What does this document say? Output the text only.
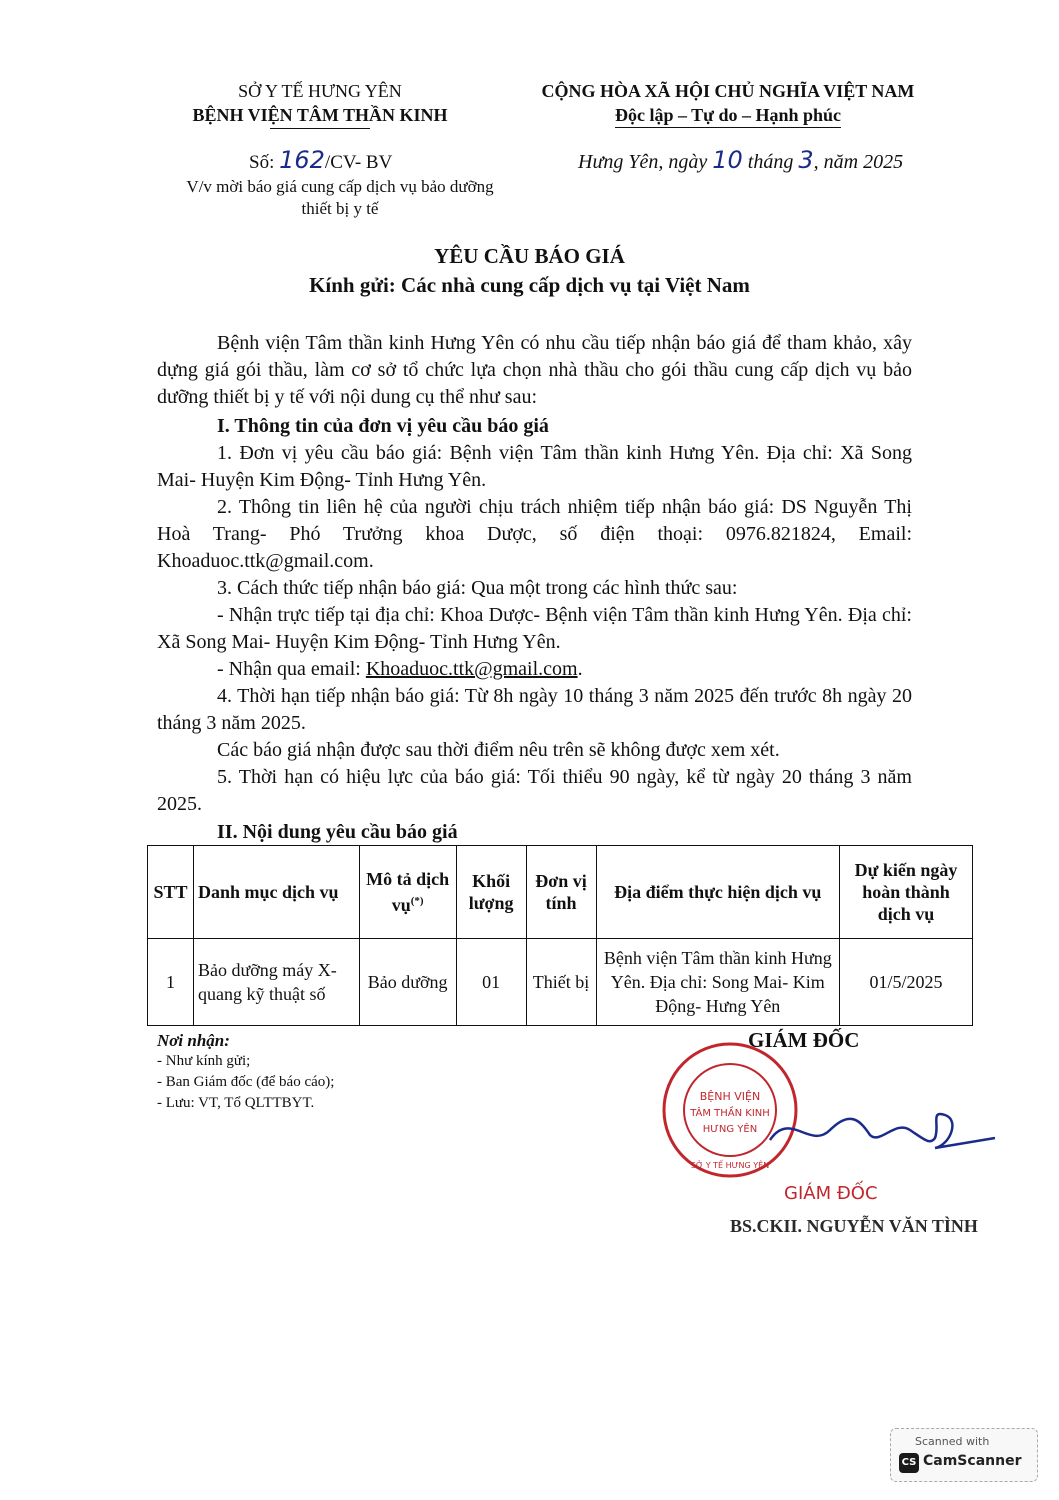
SỞ Y TẾ HƯNG YÊN
BỆNH VIỆN TÂM THẦN KINH
CỘNG HÒA XÃ HỘI CHỦ NGHĨA VIỆT NAM
Độc lập – Tự do – Hạnh phúc
Số: 162/CV- BV
V/v mời báo giá cung cấp dịch vụ bảo dưỡng
thiết bị y tế
Hưng Yên, ngày 10 tháng 3, năm 2025
YÊU CẦU BÁO GIÁ
Kính gửi: Các nhà cung cấp dịch vụ tại Việt Nam
Bệnh viện Tâm thần kinh Hưng Yên có nhu cầu tiếp nhận báo giá để tham khảo, xây dựng giá gói thầu, làm cơ sở tổ chức lựa chọn nhà thầu cho gói thầu cung cấp dịch vụ bảo dưỡng thiết bị y tế với nội dung cụ thể như sau:
I. Thông tin của đơn vị yêu cầu báo giá
1. Đơn vị yêu cầu báo giá: Bệnh viện Tâm thần kinh Hưng Yên. Địa chỉ: Xã Song Mai- Huyện Kim Động- Tỉnh Hưng Yên.
2. Thông tin liên hệ của người chịu trách nhiệm tiếp nhận báo giá: DS Nguyễn Thị Hoà Trang- Phó Trưởng khoa Dược, số điện thoại: 0976.821824, Email: Khoaduoc.ttk@gmail.com.
3. Cách thức tiếp nhận báo giá: Qua một trong các hình thức sau:
- Nhận trực tiếp tại địa chỉ: Khoa Dược- Bệnh viện Tâm thần kinh Hưng Yên. Địa chỉ: Xã Song Mai- Huyện Kim Động- Tỉnh Hưng Yên.
- Nhận qua email: Khoaduoc.ttk@gmail.com.
4. Thời hạn tiếp nhận báo giá: Từ 8h ngày 10 tháng 3 năm 2025 đến trước 8h ngày 20 tháng 3 năm 2025.
Các báo giá nhận được sau thời điểm nêu trên sẽ không được xem xét.
5. Thời hạn có hiệu lực của báo giá: Tối thiểu 90 ngày, kể từ ngày 20 tháng 3 năm 2025.
II. Nội dung yêu cầu báo giá
STT	Danh mục dịch vụ	Mô tả dịch vụ(*)	Khối lượng	Đơn vị tính	Địa điểm thực hiện dịch vụ	Dự kiến ngày hoàn thành dịch vụ
1	Bảo dưỡng máy X-quang kỹ thuật số	Bảo dưỡng	01	Thiết bị	Bệnh viện Tâm thần kinh Hưng Yên. Địa chỉ: Song Mai- Kim Động- Hưng Yên	01/5/2025
Nơi nhận:
- Như kính gửi;
- Ban Giám đốc (để báo cáo);
- Lưu: VT, Tổ QLTTBYT.
GIÁM ĐỐC
BỆNH VIỆN
TÂM THẦN KINH
HƯNG YÊN
SỞ Y TẾ HƯNG YÊN
GIÁM ĐỐC
BS.CKII. NGUYỄN VĂN TÌNH
Scanned with
CS CamScanner
